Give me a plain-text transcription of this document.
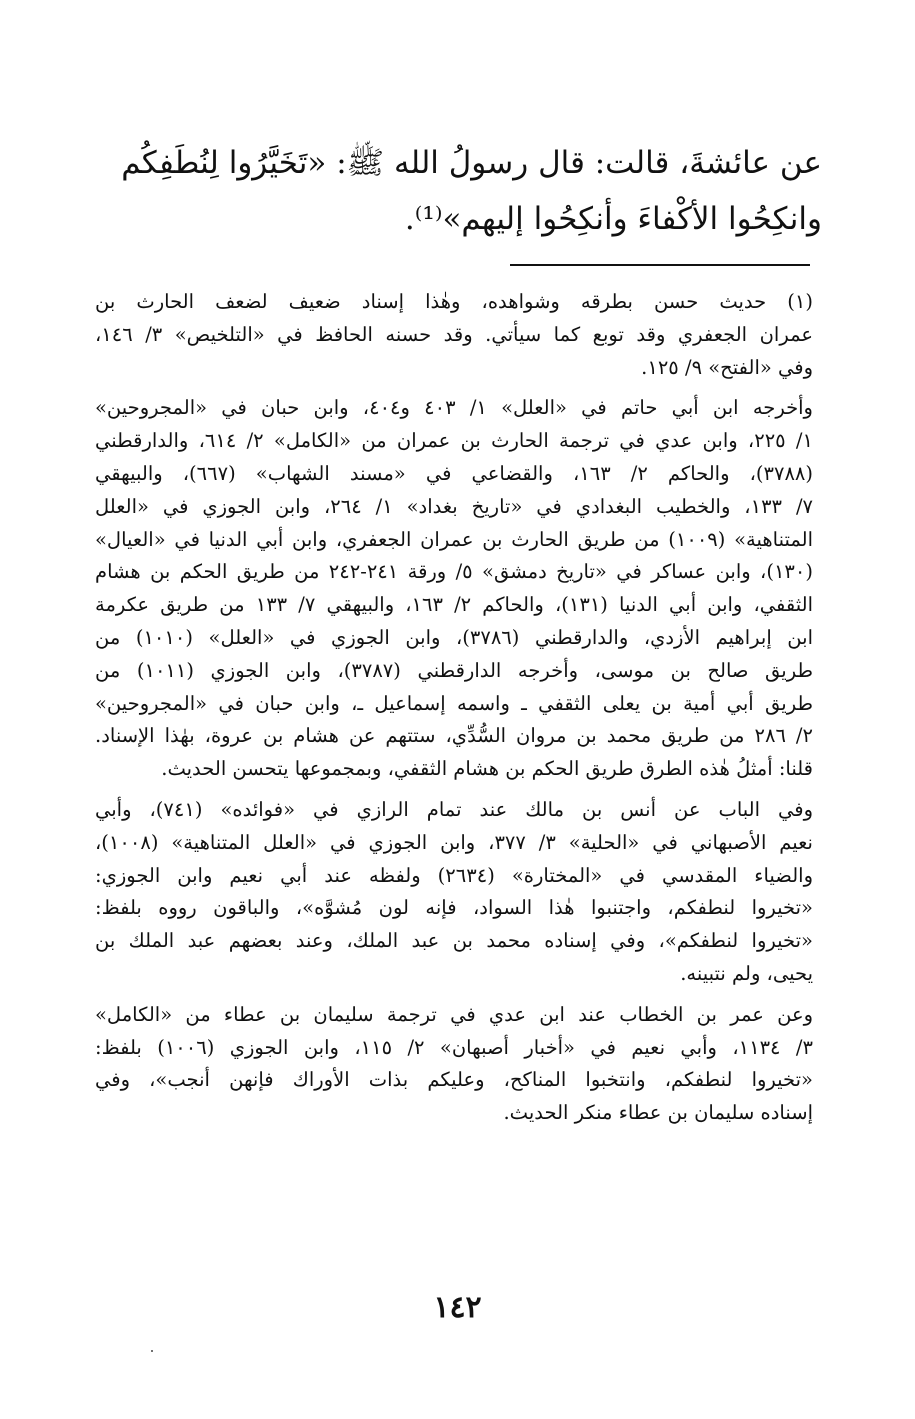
عن عائشةَ، قالت: قال رسولُ الله ﷺ: «تَخَيَّرُوا لِنُطَفِكُم
وانكِحُوا الأكْفاءَ وأنكِحُوا إليهم»⁽¹⁾.
(١) حديث حسن بطرقه وشواهده، وهٰذا إسناد ضعيف لضعف الحارث بن
عمران الجعفري وقد توبع كما سيأتي. وقد حسنه الحافظ في «التلخيص» ٣/ ١٤٦،
وفي «الفتح» ٩/ ١٢٥.
وأخرجه ابن أبي حاتم في «العلل» ١/ ٤٠٣ و٤٠٤، وابن حبان في «المجروحين»
١/ ٢٢٥، وابن عدي في ترجمة الحارث بن عمران من «الكامل» ٢/ ٦١٤، والدارقطني
(٣٧٨٨)، والحاكم ٢/ ١٦٣، والقضاعي في «مسند الشهاب» (٦٦٧)، والبيهقي
٧/ ١٣٣، والخطيب البغدادي في «تاريخ بغداد» ١/ ٢٦٤، وابن الجوزي في «العلل
المتناهية» (١٠٠٩) من طريق الحارث بن عمران الجعفري، وابن أبي الدنيا في «العيال»
(١٣٠)، وابن عساكر في «تاريخ دمشق» ٥/ ورقة ٢٤١-٢٤٢ من طريق الحكم بن هشام
الثقفي، وابن أبي الدنيا (١٣١)، والحاكم ٢/ ١٦٣، والبيهقي ٧/ ١٣٣ من طريق عكرمة
ابن إبراهيم الأزدي، والدارقطني (٣٧٨٦)، وابن الجوزي في «العلل» (١٠١٠) من
طريق صالح بن موسى، وأخرجه الدارقطني (٣٧٨٧)، وابن الجوزي (١٠١١) من
طريق أبي أمية بن يعلى الثقفي ـ واسمه إسماعيل ـ، وابن حبان في «المجروحين»
٢/ ٢٨٦ من طريق محمد بن مروان السُّدِّي، ستتهم عن هشام بن عروة، بهٰذا الإسناد.
قلنا: أمثلُ هٰذه الطرق طريق الحكم بن هشام الثقفي، وبمجموعها يتحسن الحديث.
وفي الباب عن أنس بن مالك عند تمام الرازي في «فوائده» (٧٤١)، وأبي
نعيم الأصبهاني في «الحلية» ٣/ ٣٧٧، وابن الجوزي في «العلل المتناهية» (١٠٠٨)،
والضياء المقدسي في «المختارة» (٢٦٣٤) ولفظه عند أبي نعيم وابن الجوزي:
«تخيروا لنطفكم، واجتنبوا هٰذا السواد، فإنه لون مُشوَّه»، والباقون رووه بلفظ:
«تخيروا لنطفكم»، وفي إسناده محمد بن عبد الملك، وعند بعضهم عبد الملك بن
يحيى، ولم نتبينه.
وعن عمر بن الخطاب عند ابن عدي في ترجمة سليمان بن عطاء من «الكامل»
٣/ ١١٣٤، وأبي نعيم في «أخبار أصبهان» ٢/ ١١٥، وابن الجوزي (١٠٠٦) بلفظ:
«تخيروا لنطفكم، وانتخبوا المناكح، وعليكم بذات الأوراك فإنهن أنجب»، وفي
إسناده سليمان بن عطاء منكر الحديث.
١٤٢
